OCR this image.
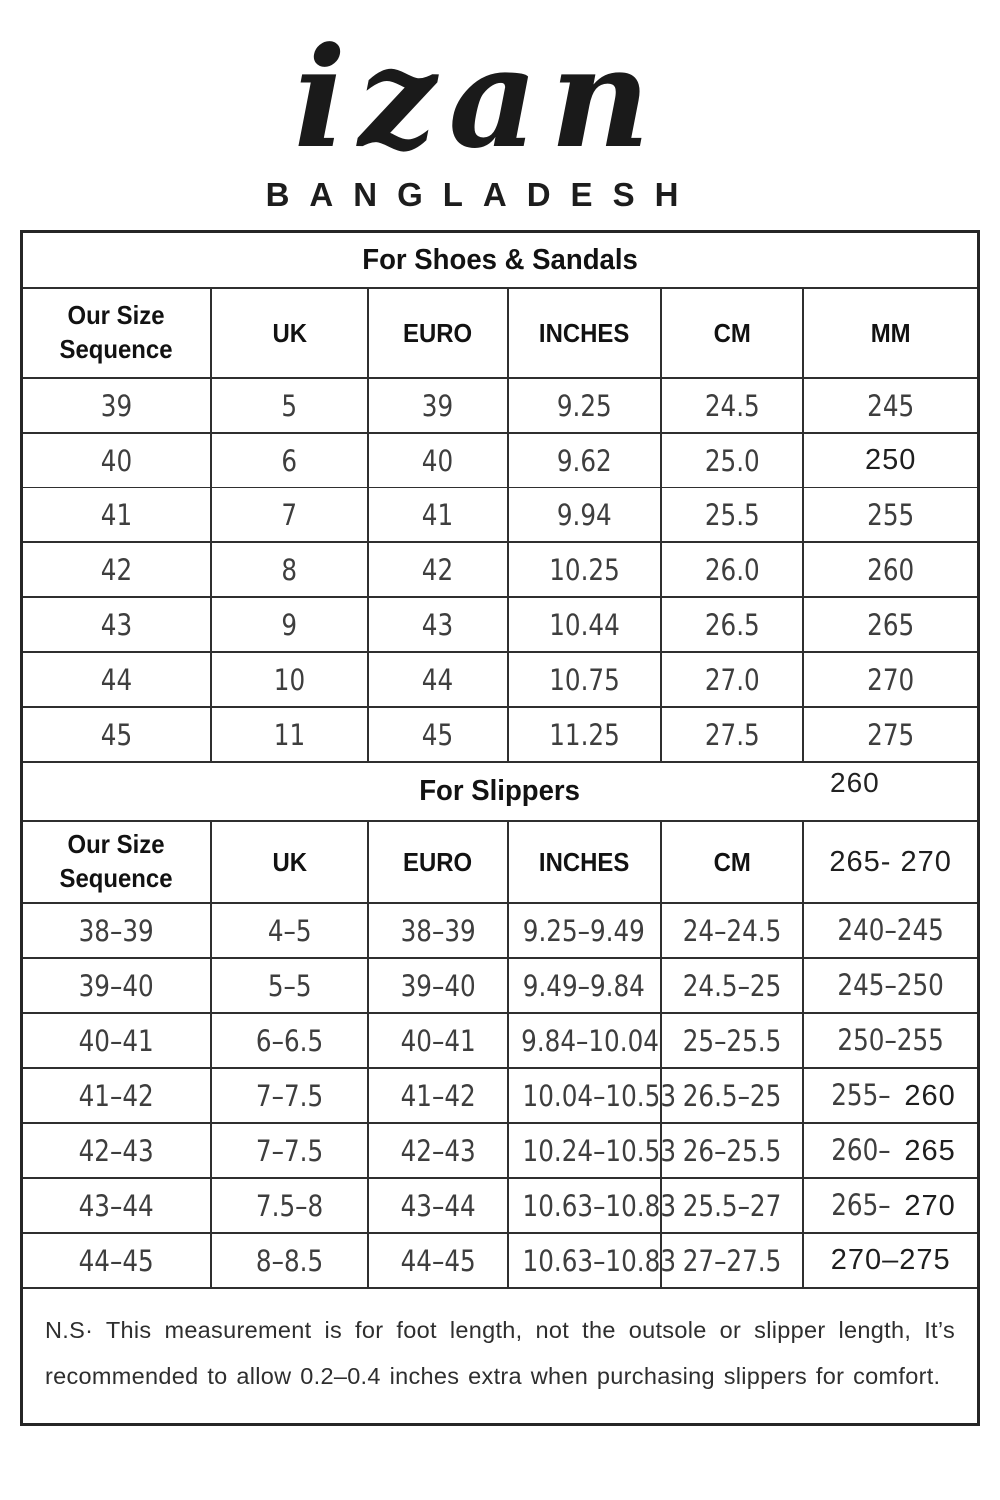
izan
BANGLADESH
For Shoes & Sandals					
Our Size Sequence	UK	EURO	INCHES	CM	MM
39	5	39	9.25	24.5	245
40	6	40	9.62	25.0	250
41	7	41	9.94	25.5	255
42	8	42	10.25	26.0	260
43	9	43	10.44	26.5	265
44	10	44	10.75	27.0	270
45	11	45	11.25	27.5	275
For Slippers					
Our Size Sequence	UK	EURO	INCHES	CM	265- 270
38–39	4–5	38–39	9.25–9.49	24–24.5	240–245
39–40	5–5	39–40	9.49–9.84	24.5–25	245–250
40–41	6–6.5	40–41	9.84–10.04	25–25.5	250–255
41–42	7–7.5	41–42	10.04–10.53	26.5–25	255– 260
42–43	7–7.5	42–43	10.24–10.53	26–25.5	260– 265
43–44	7.5–8	43–44	10.63–10.83	25.5–27	265– 270
44–45	8–8.5	44–45	10.63–10.83	27–27.5	270–275

N.S· This measurement is for foot length, not the outsole or slipper length, It’s recommended to allow 0.2–0.4 inches extra when purchasing slippers for comfort.					

260
